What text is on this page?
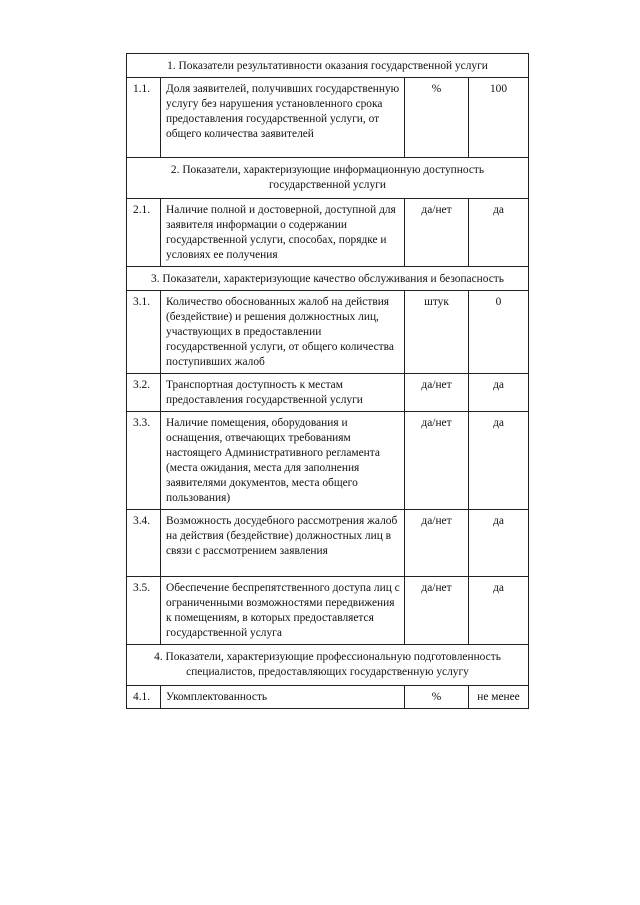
1. Показатели результативности оказания государственной услуги			
1.1.	Доля заявителей, получивших государственную услугу без нарушения установленного срока предоставления государственной услуги, от общего количества заявителей	%	100
2. Показатели, характеризующие информационную доступность государственной услуги			
2.1.	Наличие полной и достоверной, доступной для заявителя информации о содержании государственной услуги, способах, порядке и условиях ее получения	да/нет	да
3. Показатели, характеризующие качество обслуживания и безопасность			
3.1.	Количество обоснованных жалоб на действия (бездействие) и решения должностных лиц, участвующих в предоставлении государственной услуги, от общего количества поступивших жалоб	штук	0
3.2.	Транспортная доступность к местам предоставления государственной услуги	да/нет	да
3.3.	Наличие помещения, оборудования и оснащения, отвечающих требованиям настоящего Административного регламента (места ожидания, места для заполнения заявителями документов, места общего пользования)	да/нет	да
3.4.	Возможность досудебного рассмотрения жалоб на действия (бездействие) должностных лиц в связи с рассмотрением заявления	да/нет	да
3.5.	Обеспечение беспрепятственного доступа лиц с ограниченными возможностями передвижения к помещениям, в которых предоставляется государственной услуга	да/нет	да
4. Показатели, характеризующие профессиональную подготовленность специалистов, предоставляющих государственную услугу			
4.1.	Укомплектованность	%	не менее
